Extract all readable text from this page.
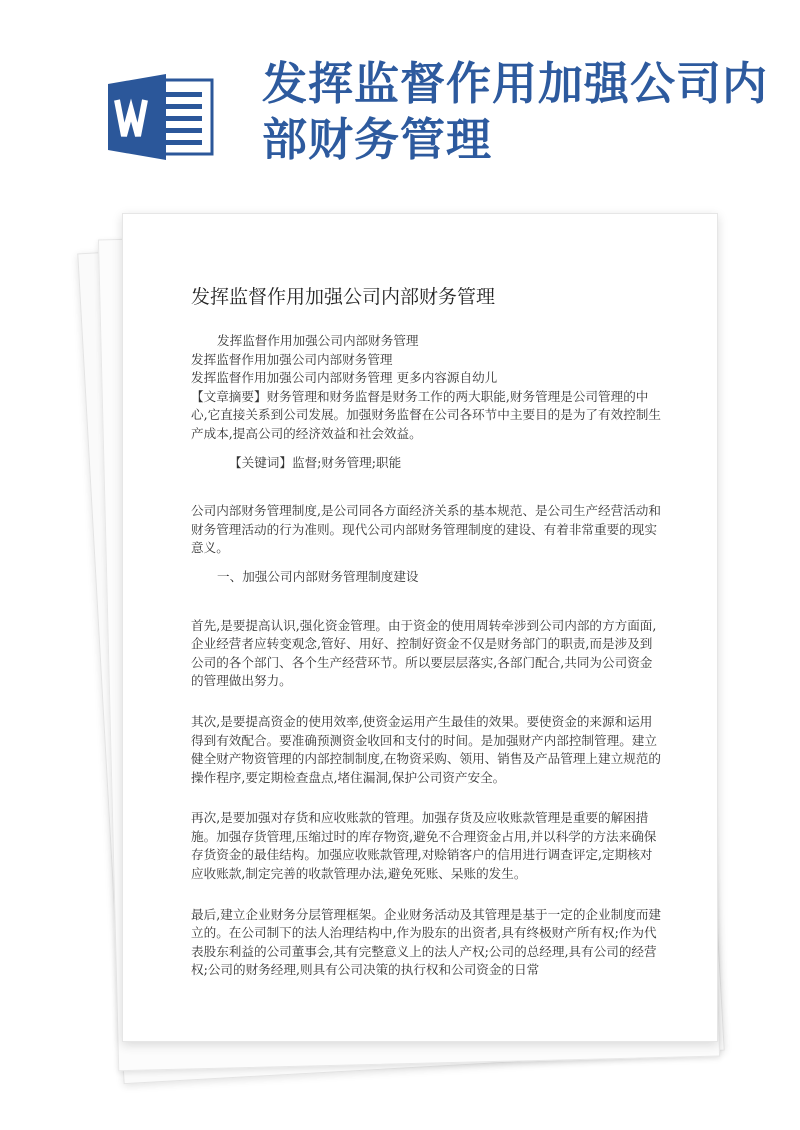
发挥监督作用加强公司内部财务管理
发挥监督作用加强公司内部财务管理

发挥监督作用加强公司内部财务管理

发挥监督作用加强公司内部财务管理

发挥监督作用加强公司内部财务管理 更多内容源自幼儿

【文章摘要】财务管理和财务监督是财务工作的两大职能,财务管理是公司管理的中心,它直接关系到公司发展。加强财务监督在公司各环节中主要目的是为了有效控制生产成本,提高公司的经济效益和社会效益。

【关键词】监督;财务管理;职能

公司内部财务管理制度,是公司同各方面经济关系的基本规范、是公司生产经营活动和财务管理活动的行为准则。现代公司内部财务管理制度的建设、有着非常重要的现实意义。

一、加强公司内部财务管理制度建设

首先,是要提高认识,强化资金管理。由于资金的使用周转牵涉到公司内部的方方面面,企业经营者应转变观念,管好、用好、控制好资金不仅是财务部门的职责,而是涉及到公司的各个部门、各个生产经营环节。所以要层层落实,各部门配合,共同为公司资金的管理做出努力。

其次,是要提高资金的使用效率,使资金运用产生最佳的效果。要使资金的来源和运用得到有效配合。要准确预测资金收回和支付的时间。是加强财产内部控制管理。建立健全财产物资管理的内部控制制度,在物资采购、领用、销售及产品管理上建立规范的操作程序,要定期检查盘点,堵住漏洞,保护公司资产安全。

再次,是要加强对存货和应收账款的管理。加强存货及应收账款管理是重要的解困措施。加强存货管理,压缩过时的库存物资,避免不合理资金占用,并以科学的方法来确保存货资金的最佳结构。加强应收账款管理,对赊销客户的信用进行调查评定,定期核对应收账款,制定完善的收款管理办法,避免死账、呆账的发生。

最后,建立企业财务分层管理框架。企业财务活动及其管理是基于一定的企业制度而建立的。在公司制下的法人治理结构中,作为股东的出资者,具有终极财产所有权;作为代表股东利益的公司董事会,其有完整意义上的法人产权;公司的总经理,具有公司的经营权;公司的财务经理,则具有公司决策的执行权和公司资金的日常
